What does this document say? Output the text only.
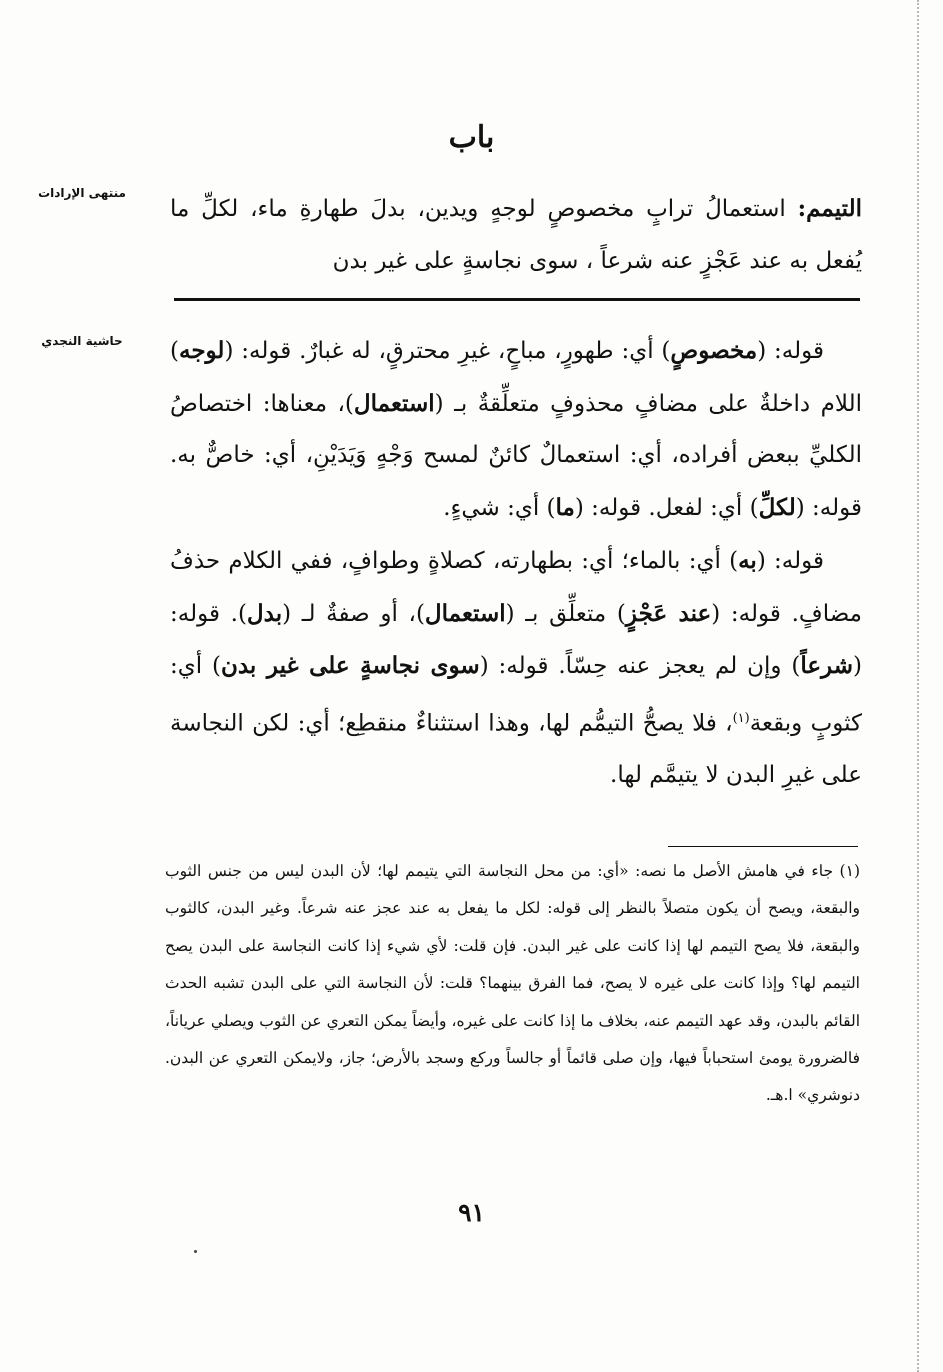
باب
منتهى الإرادات

التيمم: استعمالُ ترابٍ مخصوصٍ لوجهٍ ويدين، بدلَ طهارةِ ماء، لكلِّ ما يُفعل به عند عَجْزٍ عنه شرعاً ، سوى نجاسةٍ على غير بدن

حاشية النجدي	قوله: (مخصوصٍ) أي: طهورٍ، مباحٍ، غيرِ محترقٍ، له غبارٌ. قوله: (لوجه) اللام داخلةٌ على مضافٍ محذوفٍ متعلِّقةٌ بـ (استعمال)، معناها: اختصاصُ الكليِّ ببعض أفراده، أي: استعمالٌ كائنٌ لمسح وَجْهٍ وَيَدَيْنِ، أي: خاصٌّ به. قوله: (لكلِّ) أي: لفعل. قوله: (ما) أي: شيءٍ.

قوله: (به) أي: بالماء؛ أي: بطهارته، كصلاةٍ وطوافٍ، ففي الكلام حذفُ مضافٍ. قوله: (عند عَجْزٍ) متعلِّق بـ (استعمال)، أو صفةٌ لـ (بدل). قوله: (شرعاً) وإن لم يعجز عنه حِسّاً. قوله: (سوى نجاسةٍ على غير بدن) أي: كثوبٍ وبقعة$^{(١)}$، فلا يصحُّ التيمُّم لها، وهذا استثناءٌ منقطِع؛ أي: لكن النجاسة على غيرِ البدن لا يتيمَّم لها.

(١) جاء في هامش الأصل ما نصه: «أي: من محل النجاسة التي يتيمم لها؛ لأن البدن ليس من جنس الثوب والبقعة، ويصح أن يكون متصلاً بالنظر إلى قوله: لكل ما يفعل به عند عجز عنه شرعاً. وغير البدن، كالثوب والبقعة، فلا يصح التيمم لها إذا كانت على غير البدن. فإن قلت: لأي شيء إذا كانت النجاسة على البدن يصح التيمم لها؟ وإذا كانت على غيره لا يصح، فما الفرق بينهما؟ قلت: لأن النجاسة التي على البدن تشبه الحدث القائم بالبدن، وقد عهد التيمم عنه، بخلاف ما إذا كانت على غيره، وأيضاً يمكن التعري عن الثوب ويصلي عرياناً، فالضرورة يومئ استحباباً فيها، وإن صلى قائماً أو جالساً وركع وسجد بالأرض؛ جاز، ولايمكن التعري عن البدن. دنوشري» ا.هـ.

٩١
